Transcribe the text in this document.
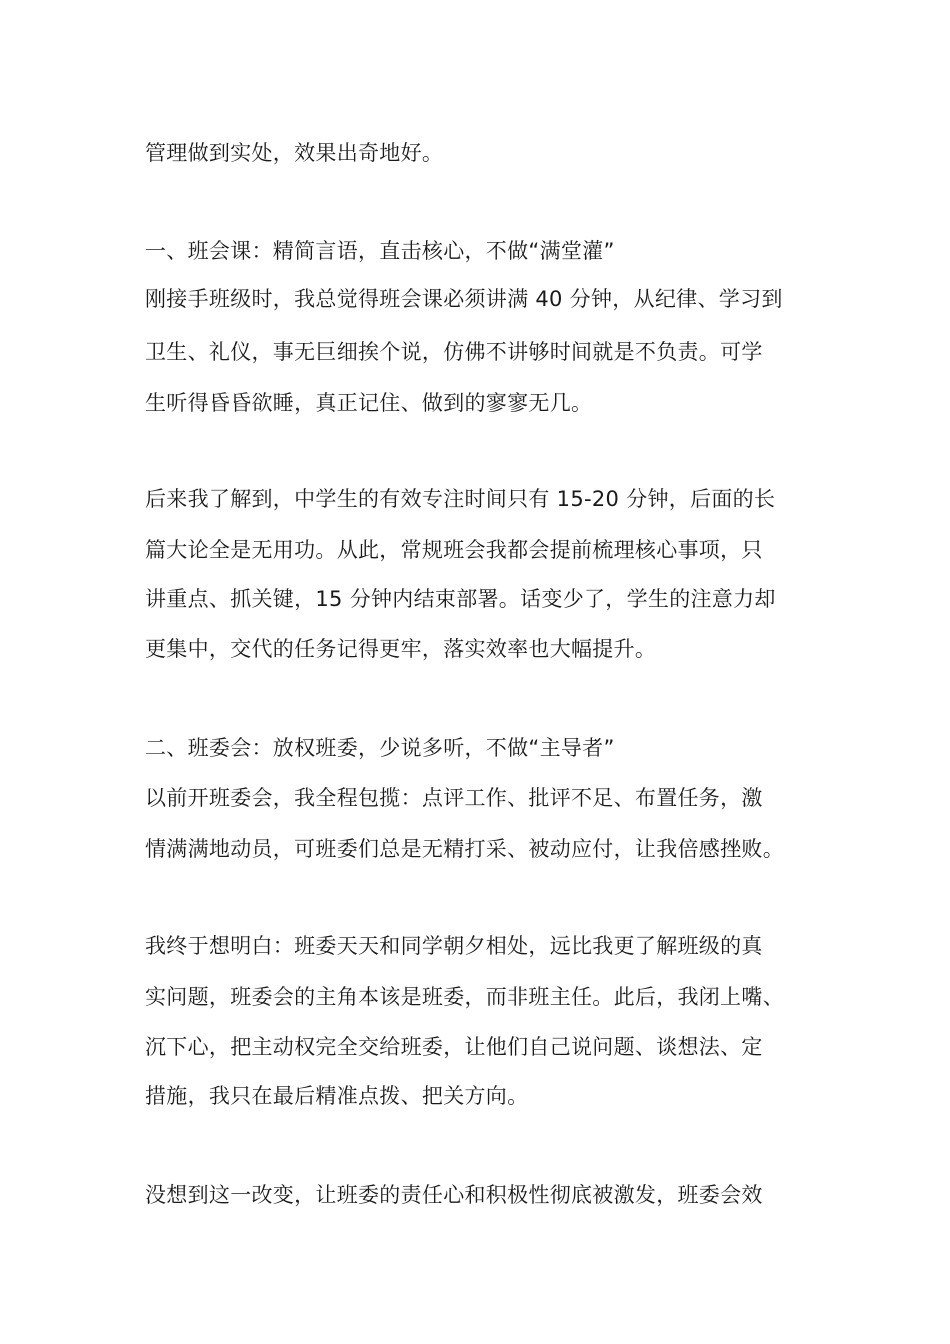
管理做到实处，效果出奇地好。

一、班会课：精简言语，直击核心，不做“满堂灌”

刚接手班级时，我总觉得班会课必须讲满 40 分钟，从纪律、学习到

卫生、礼仪，事无巨细挨个说，仿佛不讲够时间就是不负责。可学

生听得昏昏欲睡，真正记住、做到的寥寥无几。

后来我了解到，中学生的有效专注时间只有 15-20 分钟，后面的长

篇大论全是无用功。从此，常规班会我都会提前梳理核心事项，只

讲重点、抓关键，15 分钟内结束部署。话变少了，学生的注意力却

更集中，交代的任务记得更牢，落实效率也大幅提升。

二、班委会：放权班委，少说多听，不做“主导者”

以前开班委会，我全程包揽：点评工作、批评不足、布置任务，激

情满满地动员，可班委们总是无精打采、被动应付，让我倍感挫败。

我终于想明白：班委天天和同学朝夕相处，远比我更了解班级的真

实问题，班委会的主角本该是班委，而非班主任。此后，我闭上嘴、

沉下心，把主动权完全交给班委，让他们自己说问题、谈想法、定

措施，我只在最后精准点拨、把关方向。

没想到这一改变，让班委的责任心和积极性彻底被激发，班委会效
